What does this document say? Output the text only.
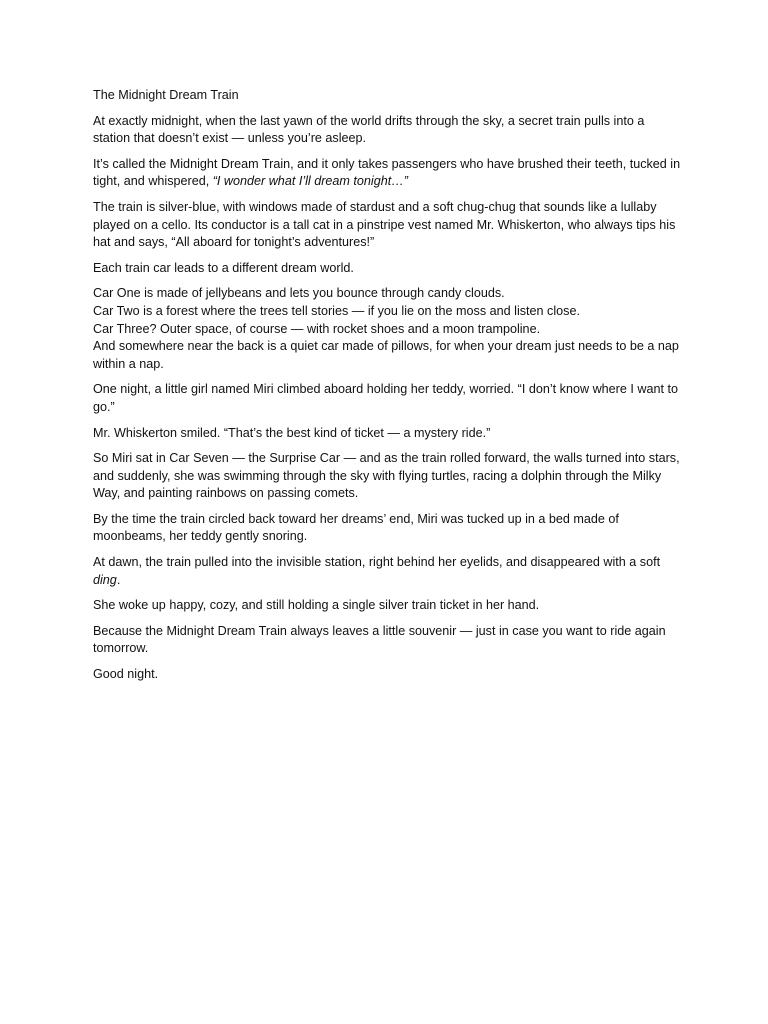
The Midnight Dream Train

At exactly midnight, when the last yawn of the world drifts through the sky, a secret train pulls into a station that doesn’t exist — unless you’re asleep.

It’s called the Midnight Dream Train, and it only takes passengers who have brushed their teeth, tucked in tight, and whispered, “I wonder what I’ll dream tonight…”

The train is silver-blue, with windows made of stardust and a soft chug-chug that sounds like a lullaby played on a cello. Its conductor is a tall cat in a pinstripe vest named Mr. Whiskerton, who always tips his hat and says, “All aboard for tonight’s adventures!”

Each train car leads to a different dream world.

Car One is made of jellybeans and lets you bounce through candy clouds.
Car Two is a forest where the trees tell stories — if you lie on the moss and listen close.
Car Three? Outer space, of course — with rocket shoes and a moon trampoline.
And somewhere near the back is a quiet car made of pillows, for when your dream just needs to be a nap within a nap.

One night, a little girl named Miri climbed aboard holding her teddy, worried. “I don’t know where I want to go.”

Mr. Whiskerton smiled. “That’s the best kind of ticket — a mystery ride.”

So Miri sat in Car Seven — the Surprise Car — and as the train rolled forward, the walls turned into stars, and suddenly, she was swimming through the sky with flying turtles, racing a dolphin through the Milky Way, and painting rainbows on passing comets.

By the time the train circled back toward her dreams’ end, Miri was tucked up in a bed made of moonbeams, her teddy gently snoring.

At dawn, the train pulled into the invisible station, right behind her eyelids, and disappeared with a soft ding.

She woke up happy, cozy, and still holding a single silver train ticket in her hand.

Because the Midnight Dream Train always leaves a little souvenir — just in case you want to ride again tomorrow.

Good night.
